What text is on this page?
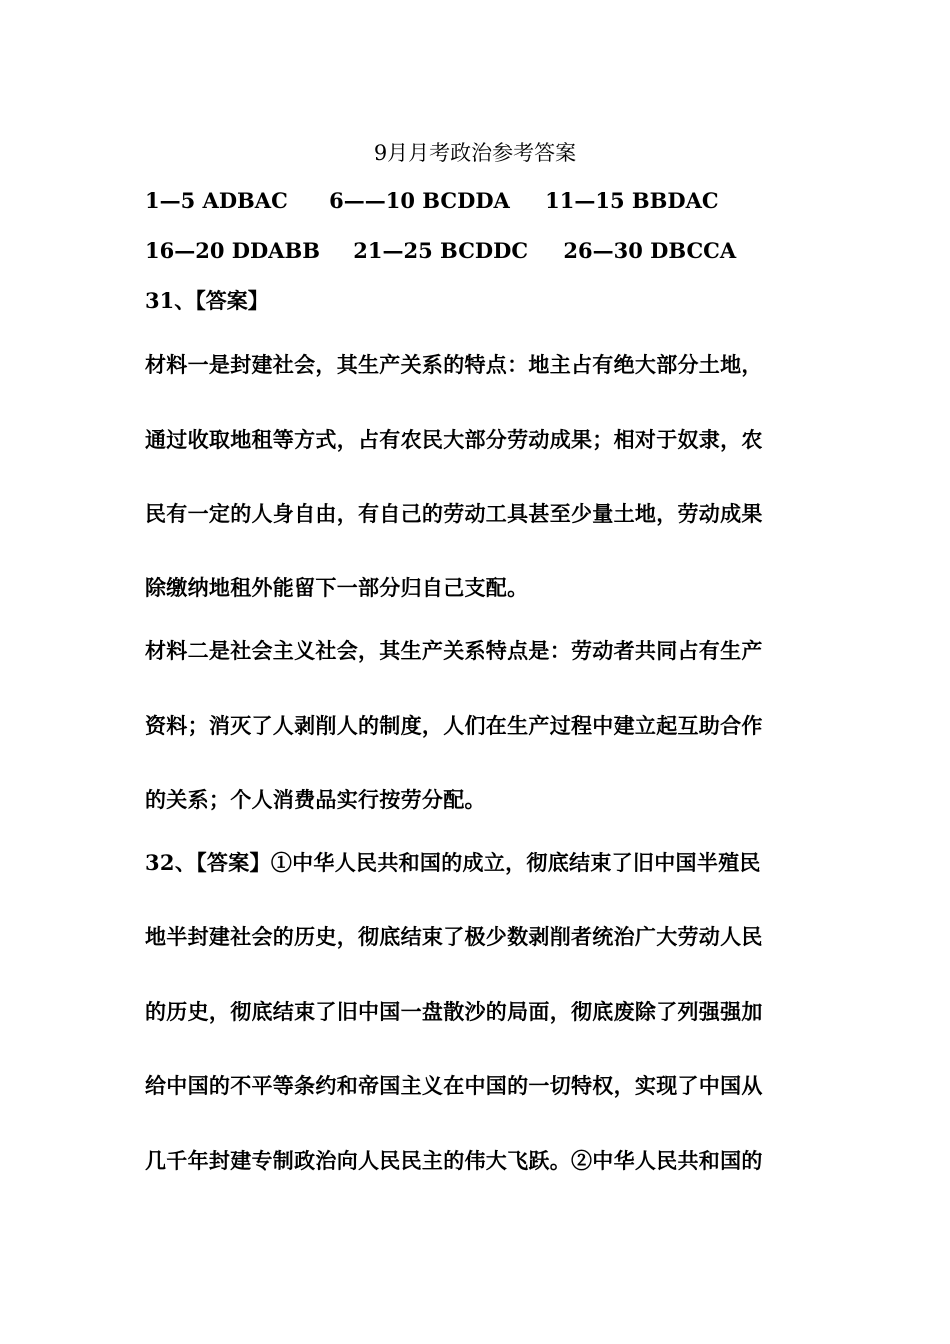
9月月考政治参考答案
1—5 ADBAC 6——10 BCDDA 11—15 BBDAC
16—20 DDABB 21—25 BCDDC 26—30 DBCCA
31、【答案】
材料一是封建社会，其生产关系的特点：地主占有绝大部分土地，
通过收取地租等方式，占有农民大部分劳动成果；相对于奴隶，农
民有一定的人身自由，有自己的劳动工具甚至少量土地，劳动成果
除缴纳地租外能留下一部分归自己支配。
材料二是社会主义社会，其生产关系特点是：劳动者共同占有生产
资料；消灭了人剥削人的制度，人们在生产过程中建立起互助合作
的关系；个人消费品实行按劳分配。
32、【答案】①中华人民共和国的成立，彻底结束了旧中国半殖民
地半封建社会的历史，彻底结束了极少数剥削者统治广大劳动人民
的历史，彻底结束了旧中国一盘散沙的局面，彻底废除了列强强加
给中国的不平等条约和帝国主义在中国的一切特权，实现了中国从
几千年封建专制政治向人民民主的伟大飞跃。②中华人民共和国的
